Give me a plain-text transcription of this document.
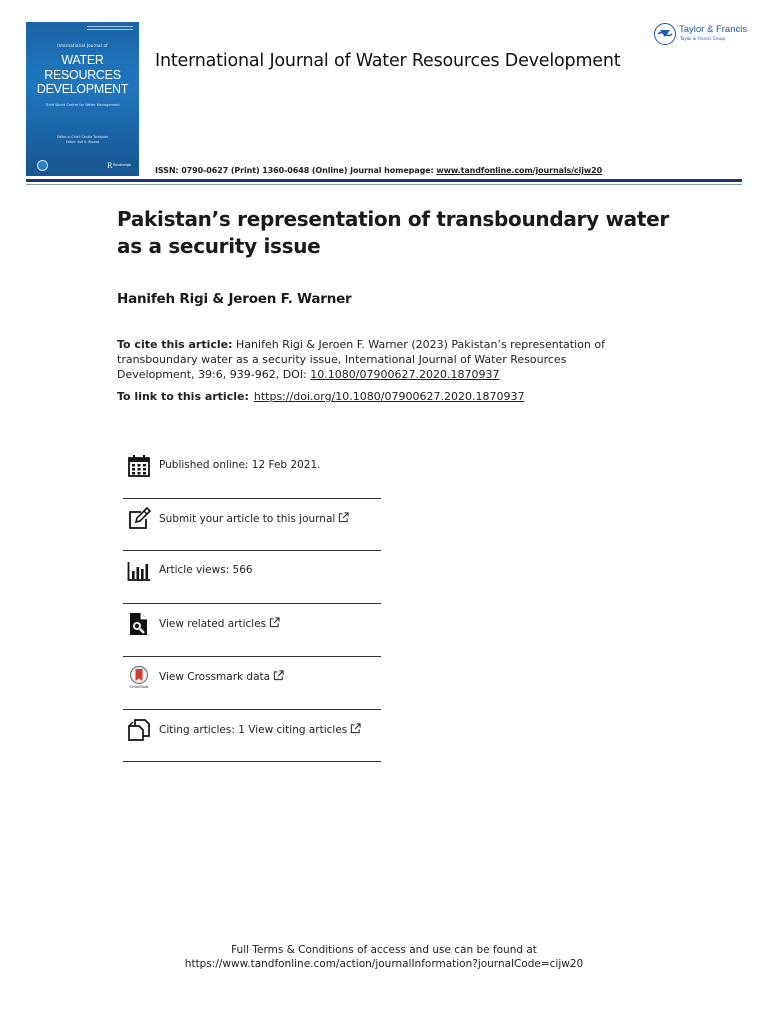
International Journal of
WATER
RESOURCES
DEVELOPMENT
Third World Centre for Water Management
Editor-in-Chief: Cecilia Tortajada
Editor: Asit K. Biswas
R Routledge
International Journal of Water Resources Development
Taylor & Francis
Taylor & Francis Group
ISSN: 0790-0627 (Print) 1360-0648 (Online) Journal homepage: www.tandfonline.com/journals/cijw20
Pakistan’s representation of transboundary water as a security issue
Hanifeh Rigi & Jeroen F. Warner

To cite this article: Hanifeh Rigi & Jeroen F. Warner (2023) Pakistan’s representation of transboundary water as a security issue, International Journal of Water Resources Development, 39:6, 939-962, DOI: 10.1080/07900627.2020.1870937

To link to this article: https://doi.org/10.1080/07900627.2020.1870937
Published online: 12 Feb 2021.
Submit your article to this journal
Article views: 566
View related articles
CrossMark
View Crossmark data
Citing articles: 1 View citing articles
Full Terms & Conditions of access and use can be found at
https://www.tandfonline.com/action/journalInformation?journalCode=cijw20
